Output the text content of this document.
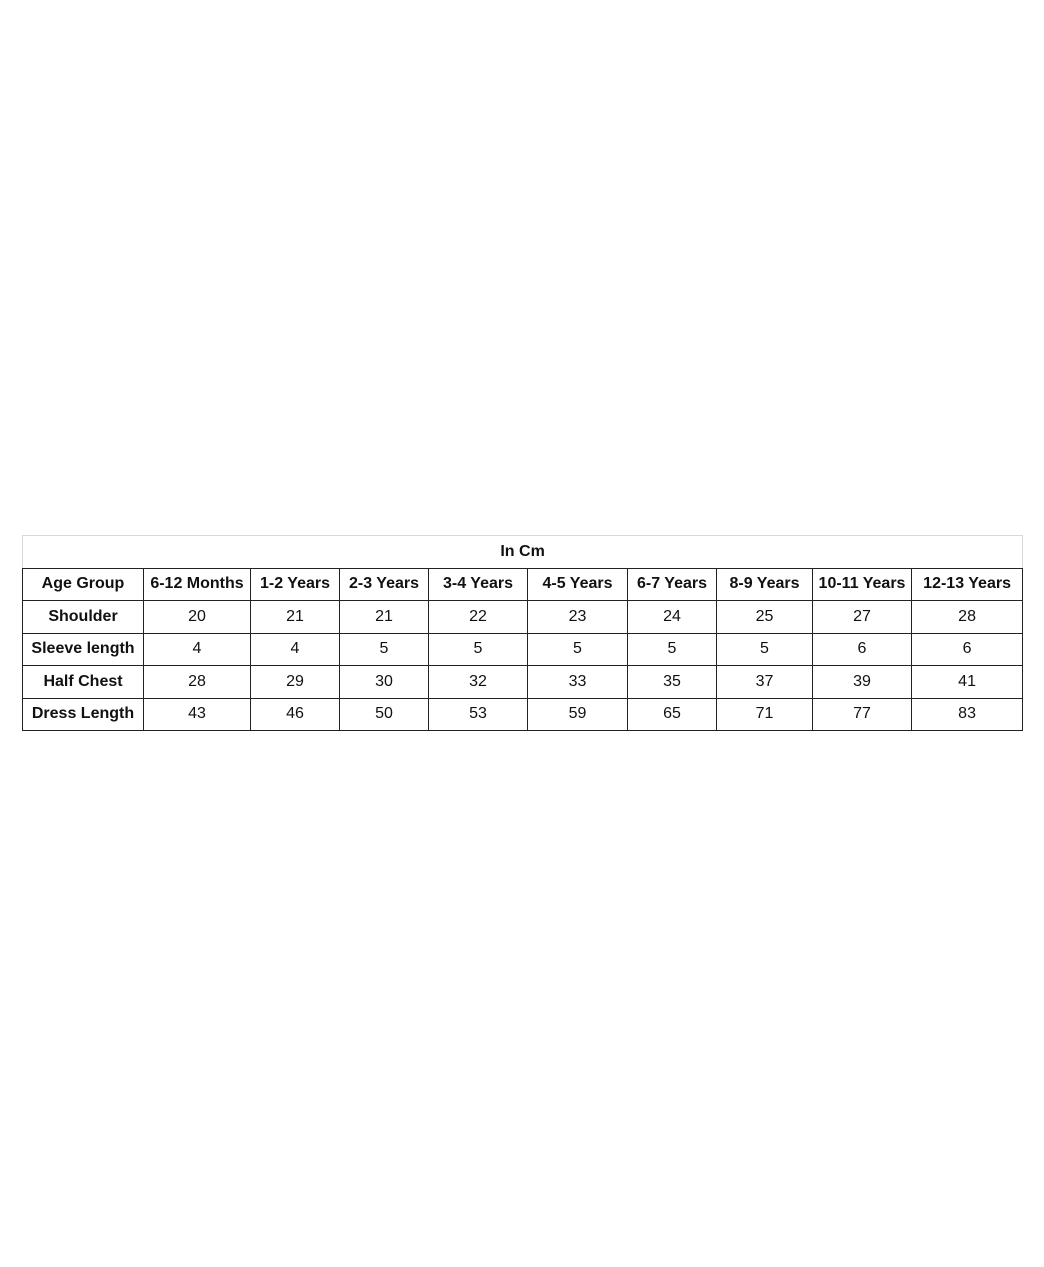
In Cm									
Age Group	6-12 Months	1-2 Years	2-3 Years	3-4 Years	4-5 Years	6-7 Years	8-9 Years	10-11 Years	12-13 Years
Shoulder	20	21	21	22	23	24	25	27	28
Sleeve length	4	4	5	5	5	5	5	6	6
Half Chest	28	29	30	32	33	35	37	39	41
Dress Length	43	46	50	53	59	65	71	77	83
